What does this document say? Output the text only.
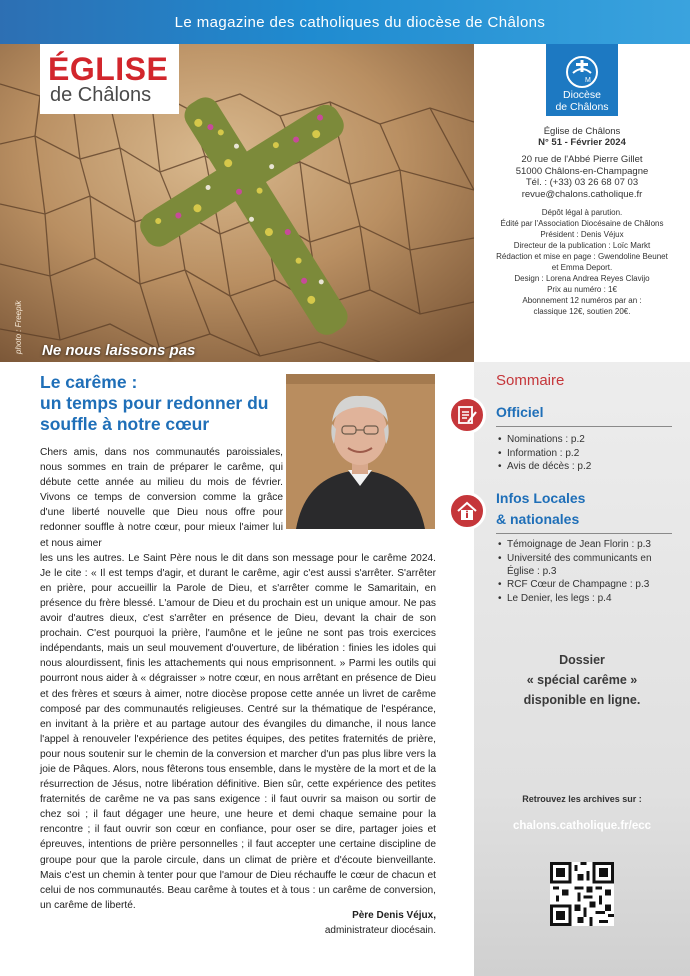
Le magazine des catholiques du diocèse de Châlons
ÉGLISE
de Châlons
photo : Freepik Ne nous laissons pas
M
Diocèse
de Châlons
Église de Châlons
N° 51 - Février 2024
20 rue de l'Abbé Pierre Gillet
51000 Châlons-en-Champagne
Tél. : (+33) 03 26 68 07 03
revue@chalons.catholique.fr
Dépôt légal à parution.
Édité par l'Association Diocésaine de Châlons
Président : Denis Véjux
Directeur de la publication : Loïc Markt
Rédaction et mise en page : Gwendoline Beunet
et Emma Deport.
Design : Lorena Andrea Reyes Clavijo
Prix au numéro : 1€
Abonnement 12 numéros par an :
classique 12€, soutien 20€.
Le carême :
un temps pour redonner du
souffle à notre cœur

Chers amis, dans nos communautés paroissiales, nous sommes en train de préparer le carême, qui débute cette année au milieu du mois de février. Vivons ce temps de conversion comme la grâce d'une liberté nouvelle que Dieu nous offre pour redonner souffle à notre cœur, pour mieux l'aimer lui et nous aimer

les uns les autres. Le Saint Père nous le dit dans son message pour le carême 2024. Je le cite : « Il est temps d'agir, et durant le carême, agir c'est aussi s'arrêter. S'arrêter en prière, pour accueillir la Parole de Dieu, et s'arrêter comme le Samaritain, en présence du frère blessé. L'amour de Dieu et du prochain est un unique amour. Ne pas avoir d'autres dieux, c'est s'arrêter en présence de Dieu, devant la chair de son prochain. C'est pourquoi la prière, l'aumône et le jeûne ne sont pas trois exercices indépendants, mais un seul mouvement d'ouverture, de libération : finies les idoles qui nous alourdissent, finis les attachements qui nous emprisonnent. » Parmi les outils qui pourront nous aider à « dégraisser » notre cœur, en nous arrêtant en présence de Dieu et des frères et sœurs à aimer, notre diocèse propose cette année un livret de carême composé par des communautés religieuses. Centré sur la thématique de l'espérance, en invitant à la prière et au partage autour des évangiles du dimanche, il nous lance l'appel à renouveler l'expérience des petites équipes, des petites fraternités de prière, pour nous soutenir sur le chemin de la conversion et marcher d'un pas plus libre vers la joie de Pâques. Alors, nous fêterons tous ensemble, dans le mystère de la mort et de la résurrection de Jésus, notre libération définitive. Bien sûr, cette expérience des petites fraternités de carême ne va pas sans exigence : il faut ouvrir sa maison ou sortir de chez soi ; il faut dégager une heure, une heure et demi chaque semaine pour la rencontre ; il faut ouvrir son cœur en confiance, pour oser se dire, partager joies et épreuves, intentions de prière personnelles ; il faut accepter une certaine discipline de groupe pour que la parole circule, dans un climat de prière et d'écoute bienveillante. Mais c'est un chemin à tenter pour que l'amour de Dieu réchauffe le cœur de chacun et celui de nos communautés. Beau carême à toutes et à tous : un carême de conversion, un carême de liberté.

Père Denis Véjux,
administrateur diocésain.
Sommaire
Officiel
• Nominations : p.2
• Information : p.2
• Avis de décès : p.2
Infos Locales
& nationales
• Témoignage de Jean Florin : p.3
• Université des communicants en Église : p.3
• RCF Cœur de Champagne : p.3
• Le Denier, les legs : p.4
Dossier
« spécial carême »
disponible en ligne.
Retrouvez les archives sur :
chalons.catholique.fr/ecc
